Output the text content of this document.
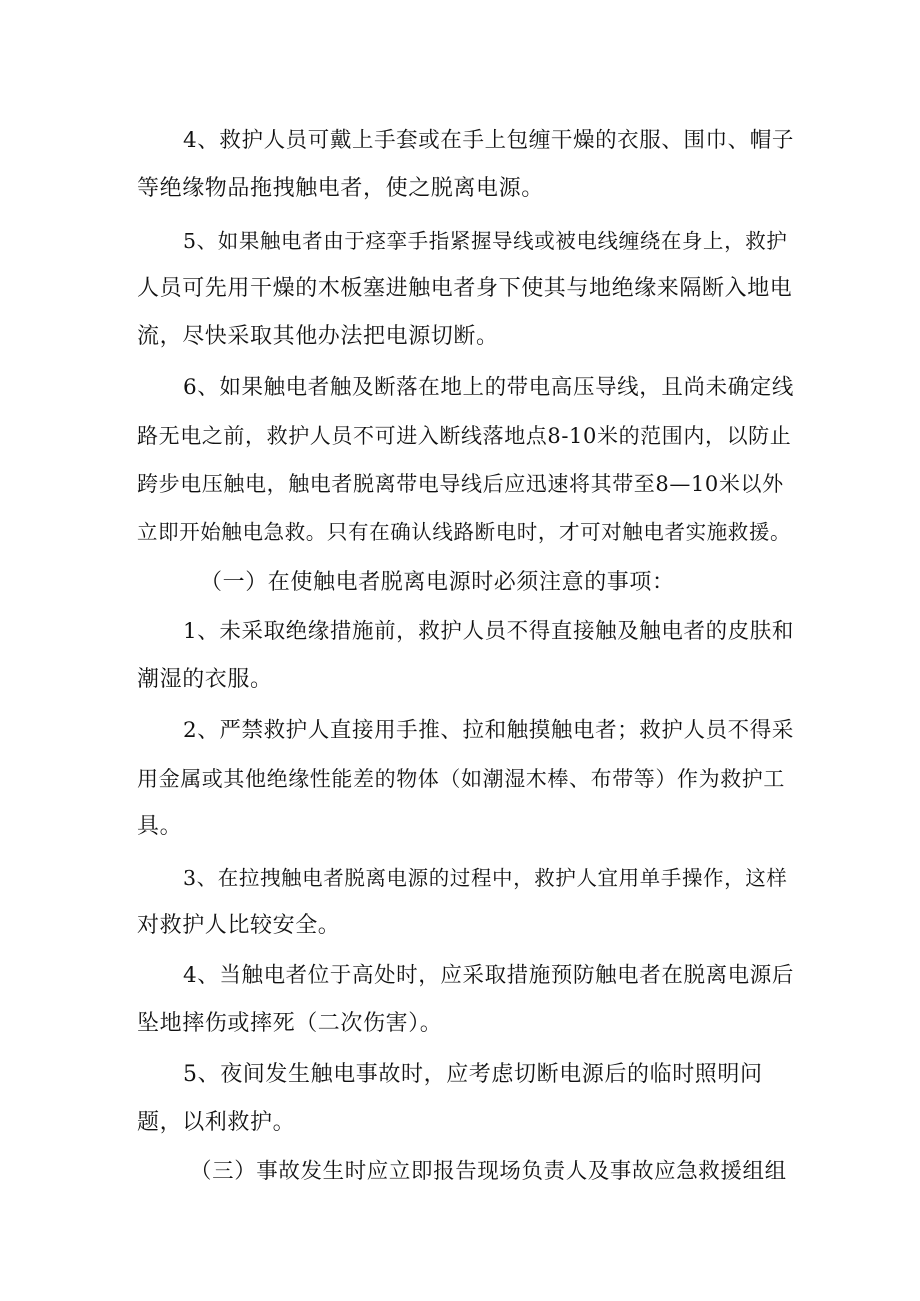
4、救护人员可戴上手套或在手上包缠干燥的衣服、围巾、帽子
等绝缘物品拖拽触电者，使之脱离电源。
5、如果触电者由于痉挛手指紧握导线或被电线缠绕在身上，救护
人员可先用干燥的木板塞进触电者身下使其与地绝缘来隔断入地电
流，尽快采取其他办法把电源切断。
6、如果触电者触及断落在地上的带电高压导线，且尚未确定线
路无电之前，救护人员不可进入断线落地点8-10米的范围内，以防止
跨步电压触电，触电者脱离带电导线后应迅速将其带至8—10米以外
立即开始触电急救。只有在确认线路断电时，才可对触电者实施救援。
（一）在使触电者脱离电源时必须注意的事项：
1、未采取绝缘措施前，救护人员不得直接触及触电者的皮肤和
潮湿的衣服。
2、严禁救护人直接用手推、拉和触摸触电者；救护人员不得采
用金属或其他绝缘性能差的物体（如潮湿木棒、布带等）作为救护工
具。
3、在拉拽触电者脱离电源的过程中，救护人宜用单手操作，这样
对救护人比较安全。
4、当触电者位于高处时，应采取措施预防触电者在脱离电源后
坠地摔伤或摔死（二次伤害）。
5、夜间发生触电事故时，应考虑切断电源后的临时照明问
题，以利救护。
（三）事故发生时应立即报告现场负责人及事故应急救援组组
